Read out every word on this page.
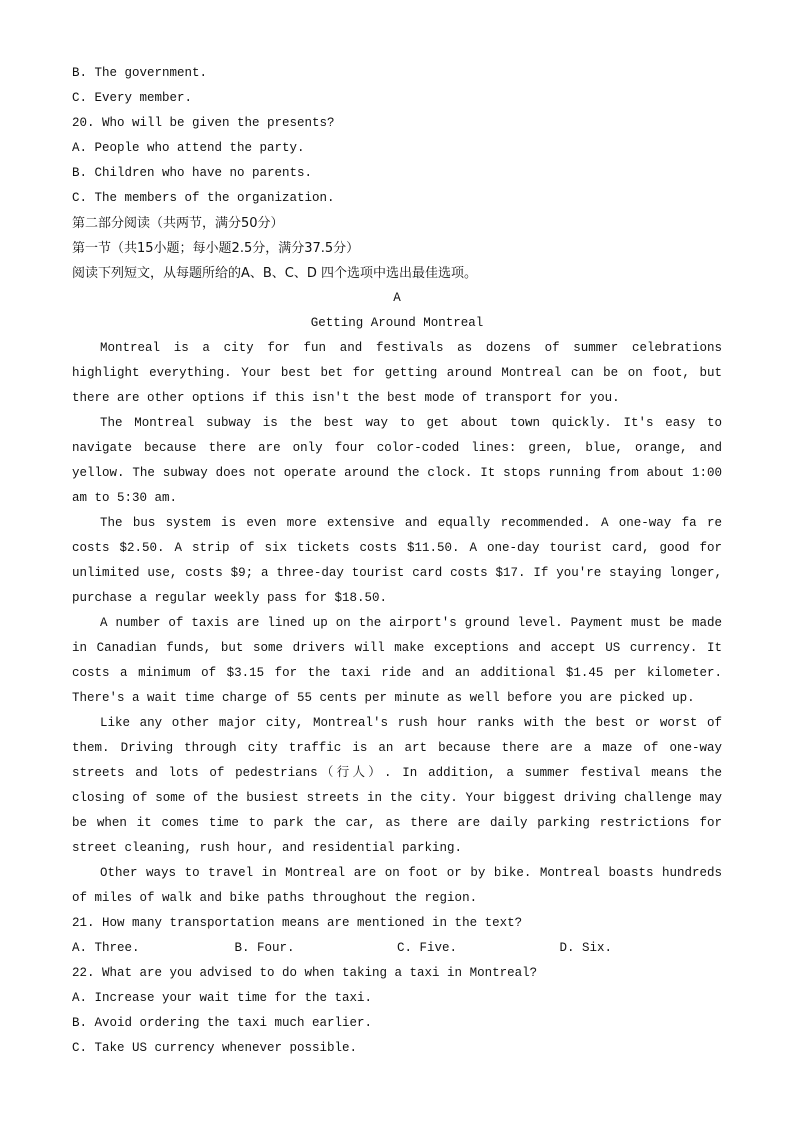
B. The government.
C. Every member.
20. Who will be given the presents?
A. People who attend the party.
B. Children who have no parents.
C. The members of the organization.
第二部分阅读（共两节，满分50分）
第一节（共15小题；每小题2.5分，满分37.5分）
阅读下列短文，从每题所给的A、B、C、D 四个选项中选出最佳选项。
A
Getting Around Montreal

Montreal is a city for fun and festivals as dozens of summer celebrations highlight everything. Your best bet for getting around Montreal can be on foot, but there are other options if this isn't the best mode of transport for you.

The Montreal subway is the best way to get about town quickly. It's easy to navigate because there are only four color-coded lines: green, blue, orange, and yellow. The subway does not operate around the clock. It stops running from about 1:00 am to 5:30 am.

The bus system is even more extensive and equally recommended. A one-way fa re costs $2.50. A strip of six tickets costs $11.50. A one-day tourist card, good for unlimited use, costs $9; a three-day tourist card costs $17. If you're staying longer, purchase a regular weekly pass for $18.50.

A number of taxis are lined up on the airport's ground level. Payment must be made in Canadian funds, but some drivers will make exceptions and accept US currency. It costs a minimum of $3.15 for the taxi ride and an additional $1.45 per kilometer. There's a wait time charge of 55 cents per minute as well before you are picked up.

Like any other major city, Montreal's rush hour ranks with the best or worst of them. Driving through city traffic is an art because there are a maze of one-way streets and lots of pedestrians（行人）. In addition, a summer festival means the closing of some of the busiest streets in the city. Your biggest driving challenge may be when it comes time to park the car, as there are daily parking restrictions for street cleaning, rush hour, and residential parking.

Other ways to travel in Montreal are on foot or by bike. Montreal boasts hundreds of miles of walk and bike paths throughout the region.

21. How many transportation means are mentioned in the text?
A. Three.	B. Four.	C. Five.	D. Six.
22. What are you advised to do when taking a taxi in Montreal?
A. Increase your wait time for the taxi.
B. Avoid ordering the taxi much earlier.
C. Take US currency whenever possible.
